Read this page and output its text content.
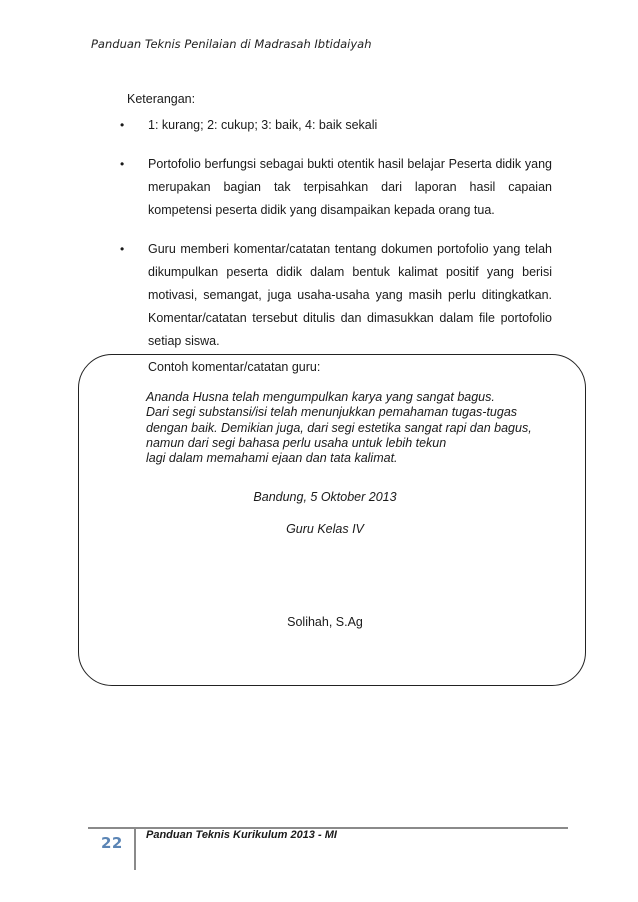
Panduan Teknis Penilaian di Madrasah Ibtidaiyah
Keterangan:
•	1: kurang; 2: cukup; 3: baik, 4: baik sekali
•	Portofolio berfungsi sebagai bukti otentik hasil belajar Peserta didik yang merupakan bagian tak terpisahkan dari laporan hasil capaian kompetensi peserta didik yang disampaikan kepada orang tua.
•	Guru memberi komentar/catatan tentang dokumen portofolio yang telah dikumpulkan peserta didik dalam bentuk kalimat positif yang berisi motivasi, semangat, juga usaha-usaha yang masih perlu ditingkatkan. Komentar/catatan tersebut ditulis dan dimasukkan dalam file portofolio setiap siswa.
Contoh komentar/catatan guru:
Ananda Husna telah mengumpulkan karya yang sangat bagus.
Dari segi substansi/isi telah menunjukkan pemahaman tugas-tugas
dengan baik. Demikian juga, dari segi estetika sangat rapi dan bagus,
namun dari segi bahasa perlu usaha untuk lebih tekun
lagi dalam memahami ejaan dan tata kalimat.
Bandung, 5 Oktober 2013
Guru Kelas IV
Solihah, S.Ag
22 Panduan Teknis Kurikulum 2013 - MI
